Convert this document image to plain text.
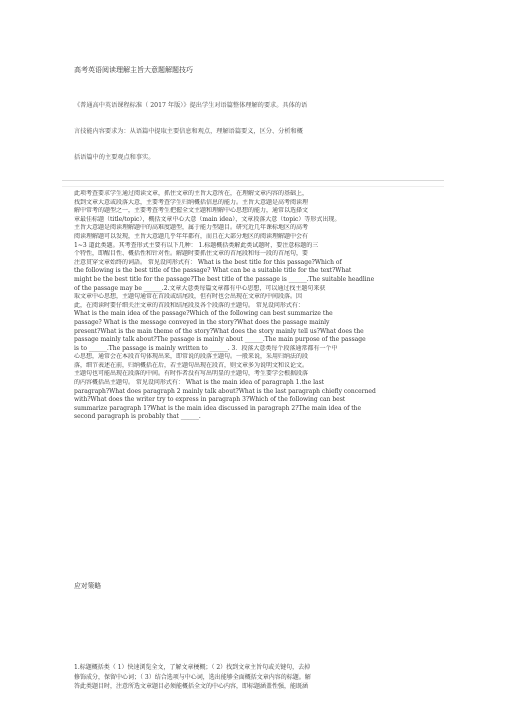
高考英语阅读理解主旨大意题解题技巧
《普通高中英语课程标准（ 2017 年版）》提出学生对语篇整体理解的要求。具体的语
言技能内容要求为：从语篇中提取主要信息和观点，理解语篇要义，区分、分析和概
括语篇中的主要观点和事实。
此项考查要求学生通过阅读文章，抓住文章的主旨大意所在，在理解文章内容的基础上，
找到文章大意或段落大意，主要考查学生归纳概括信息的能力。主旨大意题是高考阅读理
解中常考的题型之一，主要考查考生把握全文主题和理解中心思想的能力，通常以选择文
章最佳标题（title/topic），概括文章中心大意（main idea），文章段落大意（topic）等形式出现。
主旨大意题是阅读理解题中的高难度题型，属于能力型题目。研究近几年课标地区的高考
阅读理解题可以发现，主旨大意题几乎年年都有，而且在大部分地区的阅读理解题中会有
1~3 道此类题。其考查形式主要有以下几种： 1.标题概括类解此类试题时，要注意标题的三
个特性，即醒目性、概括性和针对性。解题时要抓住文章的首尾段和每一段的首尾句，要
注意贯穿文章始终的词語。 常见设问形式有： What is the best title for this passage?Which of
the following is the best title of the passage? What can be a suitable title for the text?What
might be the best title for the passage?The best title of the passage is ______.The suitable headline
of the passage may be ______.2.文章大意类每篇文章都有中心思想，可以通过找主题句来获
取文章中心思想，主题句通常在首段或结尾段，但有时也会出现在文章的中间段落。因
此，在阅读时要仔细关注文章的首段和结尾段及各个段落的主题句。 常见设问形式有：
What is the main idea of the passage?Which of the following can best summarize the
passage? What is the message conveyed in the story?What does the passage mainly
present?What is the main theme of the story?What does the story mainly tell us?What does the
passage mainly talk about?The passage is mainly about ______.The main purpose of the passage
is to ______.The passage is mainly written to ______. 3．段落大意类每个段落通常都有一个中
心思想，通常会在本段首句体现出来，即常说的段落主题句。一般来说，采用归纳法的段
落，细节表述在前，归纳概括在后，若主题句出现在段首，则文章多为说明文和议论文。
主题句也可能出现在段落的中间。有时作者没有写出明显的主题句，考生要学会根据段落
的内容概括出主题句。 常见设问形式有： What is the main idea of paragraph 1.the last
paragraph?What does paragraph 2 mainly talk about?What is the last paragraph chiefly concerned
with?What does the writer try to express in paragraph 3?Which of the following can best
summarize paragraph 1?What is the main idea discussed in paragraph 2?The main idea of the
second paragraph is probably that ______.
应对策略
1.标题概括类（ 1）快速浏览全文，了解文章梗概；（ 2）找到文章主旨句或关键句，去掉
修饰成分，保留中心词；（ 3）结合选项与中心词，选出能够全面概括文章内容的标题。解
答此类题目时，注意所选文章题目必须能概括全文的中心内容，即标题涵盖性强，能既涵
